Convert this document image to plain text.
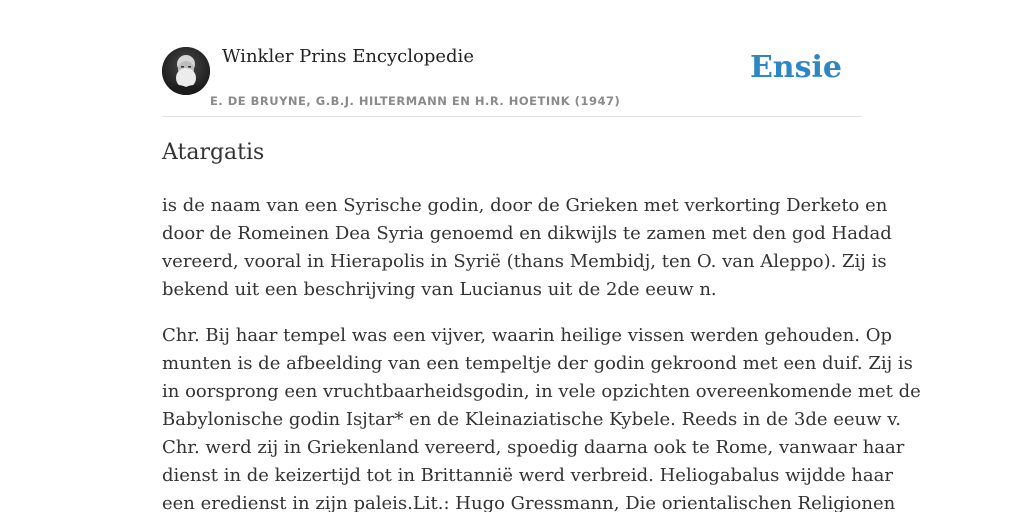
Winkler Prins Encyclopedie
E. DE BRUYNE, G.B.J. HILTERMANN EN H.R. HOETINK (1947)
Ensie
Atargatis

is de naam van een Syrische godin, door de Grieken met verkorting Derketo en
door de Romeinen Dea Syria genoemd en dikwijls te zamen met den god Hadad
vereerd, vooral in Hierapolis in Syrië (thans Membidj, ten O. van Aleppo). Zij is
bekend uit een beschrijving van Lucianus uit de 2de eeuw n.

Chr. Bij haar tempel was een vijver, waarin heilige vissen werden gehouden. Op
munten is de afbeelding van een tempeltje der godin gekroond met een duif. Zij is
in oorsprong een vruchtbaarheidsgodin, in vele opzichten overeenkomende met de
Babylonische godin Isjtar* en de Kleinaziatische Kybele. Reeds in de 3de eeuw v.
Chr. werd zij in Griekenland vereerd, spoedig daarna ook te Rome, vanwaar haar
dienst in de keizertijd tot in Brittannië werd verbreid. Heliogabalus wijdde haar
een eredienst in zijn paleis.Lit.: Hugo Gressmann, Die orientalischen Religionen
